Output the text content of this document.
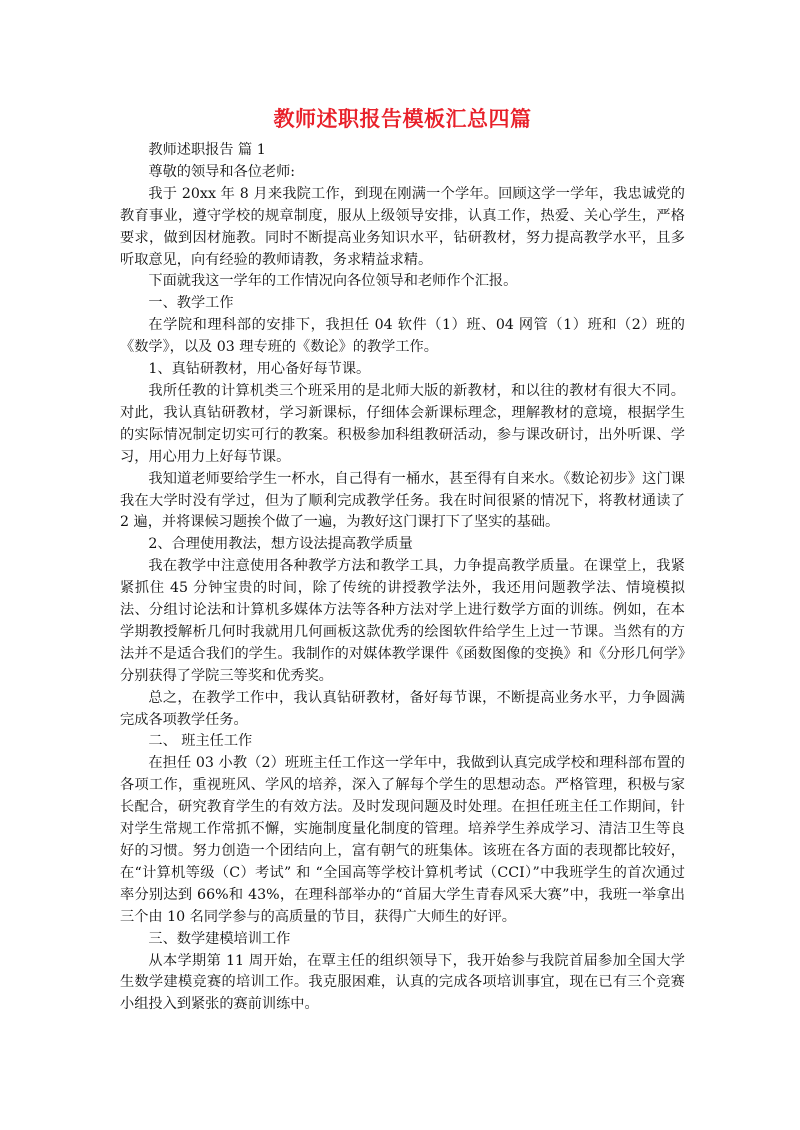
教师述职报告模板汇总四篇

教师述职报告 篇 1

尊敬的领导和各位老师:

我于 20xx 年 8 月来我院工作，到现在刚满一个学年。回顾这学一学年，我忠诚党的教育事业，遵守学校的规章制度，服从上级领导安排，认真工作，热爱、关心学生，严格要求，做到因材施教。同时不断提高业务知识水平，钻研教材，努力提高教学水平，且多听取意见，向有经验的教师请教，务求精益求精。

下面就我这一学年的工作情况向各位领导和老师作个汇报。

一、教学工作

在学院和理科部的安排下，我担任 04 软件（1）班、04 网管（1）班和（2）班的《数学》，以及 03 理专班的《数论》的教学工作。

1、真钻研教材，用心备好每节课。

我所任教的计算机类三个班采用的是北师大版的新教材，和以往的教材有很大不同。对此，我认真钻研教材，学习新课标，仔细体会新课标理念，理解教材的意境，根据学生的实际情况制定切实可行的教案。积极参加科组教研活动，参与课改研讨，出外听课、学习，用心用力上好每节课。

我知道老师要给学生一杯水，自己得有一桶水，甚至得有自来水。《数论初步》这门课我在大学时没有学过，但为了顺利完成教学任务。我在时间很紧的情况下，将教材通读了 2 遍，并将课候习题挨个做了一遍，为教好这门课打下了坚实的基础。

2、合理使用教法，想方设法提高教学质量

我在教学中注意使用各种教学方法和教学工具，力争提高教学质量。在课堂上，我紧紧抓住 45 分钟宝贵的时间，除了传统的讲授教学法外，我还用问题教学法、情境模拟法、分组讨论法和计算机多媒体方法等各种方法对学上进行数学方面的训练。例如，在本学期教授解析几何时我就用几何画板这款优秀的绘图软件给学生上过一节课。当然有的方法并不是适合我们的学生。我制作的对媒体教学课件《函数图像的变换》和《分形几何学》分别获得了学院三等奖和优秀奖。

总之，在教学工作中，我认真钻研教材，备好每节课，不断提高业务水平，力争圆满完成各项教学任务。

二、 班主任工作

在担任 03 小教（2）班班主任工作这一学年中，我做到认真完成学校和理科部布置的各项工作，重视班风、学风的培养，深入了解每个学生的思想动态。严格管理，积极与家长配合，研究教育学生的有效方法。及时发现问题及时处理。在担任班主任工作期间，针对学生常规工作常抓不懈，实施制度量化制度的管理。培养学生养成学习、清洁卫生等良好的习惯。努力创造一个团结向上，富有朝气的班集体。该班在各方面的表现都比较好，在“计算机等级（C）考试” 和 “全国高等学校计算机考试（CCI）”中我班学生的首次通过率分别达到 66%和 43%，在理科部举办的“首届大学生青春风采大赛”中，我班一举拿出三个由 10 名同学参与的高质量的节目，获得广大师生的好评。

三、数学建模培训工作

从本学期第 11 周开始，在覃主任的组织领导下，我开始参与我院首届参加全国大学生数学建模竞赛的培训工作。我克服困难，认真的完成各项培训事宜，现在已有三个竞赛小组投入到紧张的赛前训练中。
